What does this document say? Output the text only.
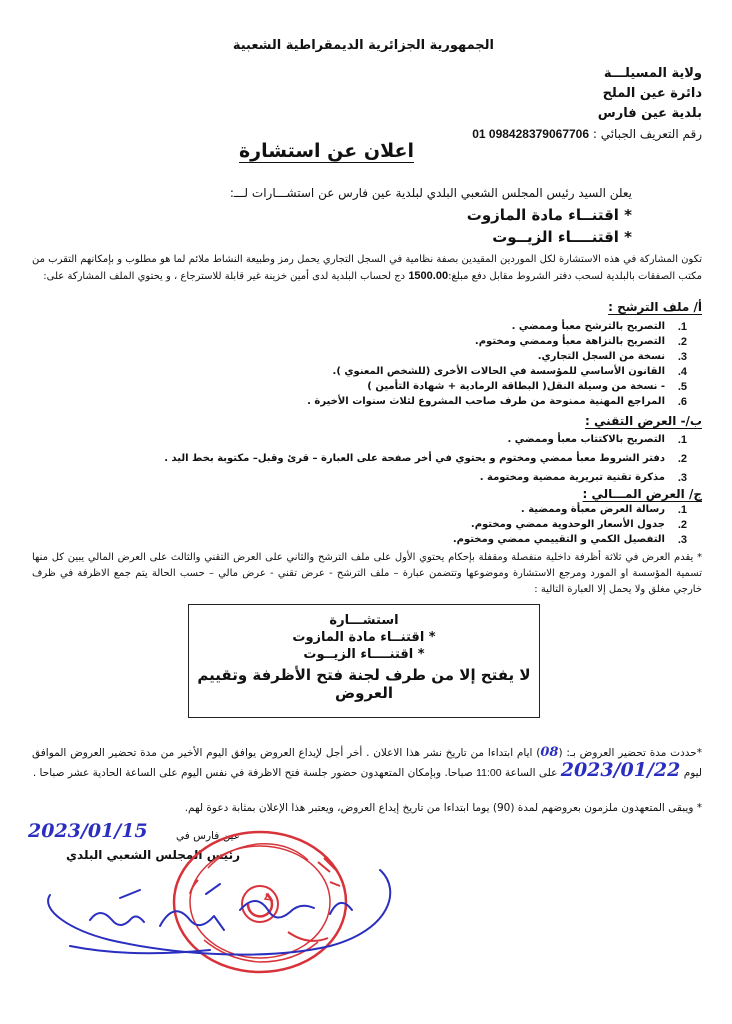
الجمهورية الجزائرية الديمقراطية الشعبية
ولاية المسيلـــة
دائرة عين الملح
بلدية عين فارس
رقم التعريف الجبائي : 098428379067706 01
اعلان عن استشارة
يعلن السيد رئيس المجلس الشعبي البلدي لبلدية عين فارس عن استشـــارات لـــ:
* اقتنــاء مادة المازوت
* اقتنــــاء الزيــوت
تكون المشاركة في هذه الاستشارة لكل الموردين المقيدين بصفة نظامية في السجل التجاري يحمل رمز وطبيعة النشاط ملائم لما هو مطلوب و بإمكانهم التقرب من مكتب الصفقات بالبلدية لسحب دفتر الشروط مقابل دفع مبلغ:1500.00 دج لحساب البلدية لدى أمين خزينة غير قابلة للاسترجاع ، و يحتوي الملف المشاركة على:
أ/ ملف الترشح :
1.
التصريح بالترشح معبأ وممضي .
2.
التصريح بالنزاهة معبأ وممضي ومختوم.
3.
نسخة من السجل التجاري.
4.
القانون الأساسي للمؤسسة في الحالات الأخرى (للشخص المعنوي ).
5.
- نسخة من وسيلة النقل( البطاقة الرمادية + شهادة التأمين )
6.
المراجع المهنية ممنوحة من طرف صاحب المشروع لثلاث سنوات الأخيرة .
ب/- العرض التقني :
1.
التصريح بالاكتتاب معبأ وممضي .
2.
دفتر الشروط معبأ ممضي ومختوم و يحتوي في أخر صفحة على العبارة – قرئ وقبل– مكتوبة بخط اليد .
3.
مذكرة تقنية تبريرية ممضية ومختومة .
ج/ العرض المـــالي :
1.
رسالة العرض معبأة وممضية .
2.
جدول الأسعار الوحدوية ممضي ومختوم.
3.
التفصيل الكمي و التقييمي ممضي ومختوم.
* يقدم العرض في ثلاثة أظرفة داخلية منفصلة ومقفلة بإحكام يحتوي الأول على ملف الترشح والثاني على العرض التقني والثالث على العرض المالي يبين كل منها تسمية المؤسسة او المورد ومرجع الاستشارة وموضوعها وتتضمن عبارة – ملف الترشح - عرض تقني - عرض مالي – حسب الحالة يتم جمع الاظرفة في ظرف خارجي مغلق ولا يحمل إلا العبارة التالية :
استشـــارة
* اقتنــاء مادة المازوت
* اقتنــــاء الزيــوت
لا يفتح إلا من طرف لجنة فتح الأظرفة وتقييم العروض
*حددت مدة تحضير العروض بـ: (08) ايام ابتداءا من تاريخ نشر هذا الاعلان . أخر أجل لإيداع العروض يوافق اليوم الأخير من مدة تحضير العروض الموافق ليوم 2023/01/22 على الساعة 11:00 صباحا. وبإمكان المتعهدون حضور جلسة فتح الاظرفة في نفس اليوم على الساعة الحادية عشر صباحا .
* ويبقى المتعهدون ملزمون بعروضهم لمدة (90) يوما ابتداءا من تاريخ إيداع العروض، ويعتبر هذا الإعلان بمثابة دعوة لهم.
عين فارس في
2023/01/15
رئيس المجلس الشعبي البلدي
